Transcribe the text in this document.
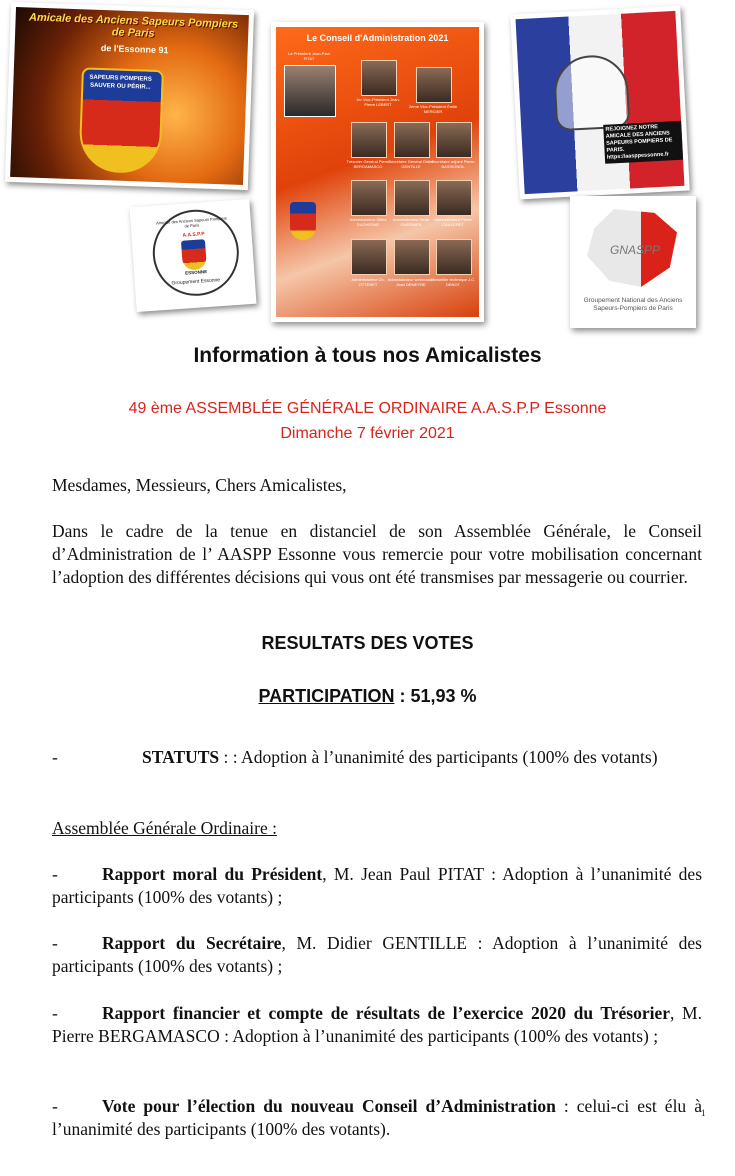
Amicale des Anciens Sapeurs Pompiers de Paris
de l'Essonne 91
SAPEURS POMPIERS SAUVER OU PÉRIR...
Le Conseil d'Administration 2021
Le Président Jean-Paul PITAT
1er Vice-Président Jean-Pierre LEBERT	2ème Vice-Président Émile MERCIER
Trésorier Général Pierre BERGAMASCO
Secrétaire Général Didier GENTILLE
Secrétaire adjoint Pierre BASSIGNOL
Administrateur Gilles DUCHESNE
Administrateur Henri GUERNIER
Administrateur Pierre CAILLERET
Administrateur Ch. OTTENET
Administrateur webmaster Jean DEMEYRE
Conseiller technique J.C. DENOT
REJOIGNEZ NOTRE AMICALE DES ANCIENS SAPEURS POMPIERS DE PARIS. https://aasppessonne.fr
Amicale des Anciens Sapeurs Pompiers de Paris
A.A.S.P.P
ESSONNE
Groupement Essonne
GNASPP
Groupement National des Anciens Sapeurs-Pompiers de Paris
Information à tous nos Amicalistes
49 ème ASSEMBLÉE GÉNÉRALE ORDINAIRE A.A.S.P.P Essonne
Dimanche 7 février 2021
Mesdames, Messieurs, Chers Amicalistes,
Dans le cadre de la tenue en distanciel de son Assemblée Générale, le Conseil d’Administration de l’ AASPP Essonne vous remercie pour votre mobilisation concernant l’adoption des différentes décisions qui vous ont été transmises par messagerie ou courrier.
RESULTATS DES VOTES
PARTICIPATION : 51,93 %
-	STATUTS : : Adoption à l’unanimité des participants (100% des votants)
Assemblée Générale Ordinaire :
-	Rapport moral du Président, M. Jean Paul PITAT : Adoption à l’unanimité des participants (100% des votants) ;
-	Rapport du Secrétaire, M. Didier GENTILLE : Adoption à l’unanimité des participants (100% des votants) ;
-	Rapport financier et compte de résultats de l’exercice 2020 du Trésorier, M. Pierre BERGAMASCO : Adoption à l’unanimité des participants (100% des votants) ;
-	Vote pour l’élection du nouveau Conseil d’Administration : celui-ci est élu à l’unanimité des participants (100% des votants).
1
